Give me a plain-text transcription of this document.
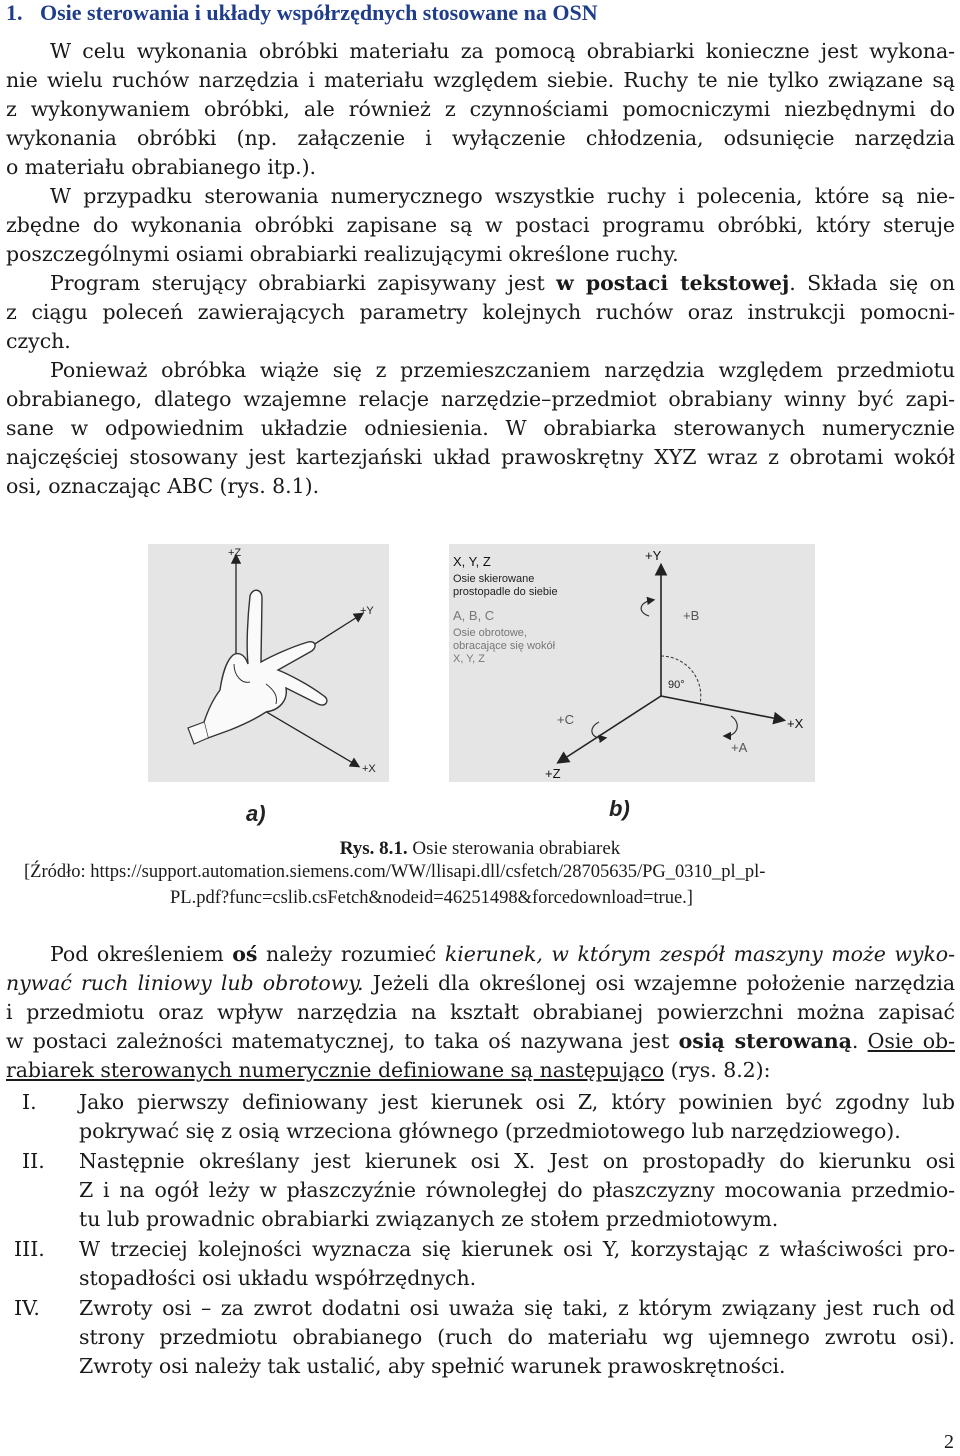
1. Osie sterowania i układy współrzędnych stosowane na OSN
W celu wykonania obróbki materiału za pomocą obrabiarki konieczne jest wykona-
nie wielu ruchów narzędzia i materiału względem siebie. Ruchy te nie tylko związane są
z wykonywaniem obróbki, ale również z czynnościami pomocniczymi niezbędnymi do
wykonania obróbki (np. załączenie i wyłączenie chłodzenia, odsunięcie narzędzia
o materiału obrabianego itp.).
W przypadku sterowania numerycznego wszystkie ruchy i polecenia, które są nie-
zbędne do wykonania obróbki zapisane są w postaci programu obróbki, który steruje
poszczególnymi osiami obrabiarki realizującymi określone ruchy.
Program sterujący obrabiarki zapisywany jest w postaci tekstowej. Składa się on
z ciągu poleceń zawierających parametry kolejnych ruchów oraz instrukcji pomocni-
czych.
Ponieważ obróbka wiąże się z przemieszczaniem narzędzia względem przedmiotu
obrabianego, dlatego wzajemne relacje narzędzie–przedmiot obrabiany winny być zapi-
sane w odpowiednim układzie odniesienia. W obrabiarka sterowanych numerycznie
najczęściej stosowany jest kartezjański układ prawoskrętny XYZ wraz z obrotami wokół
osi, oznaczając ABC (rys. 8.1).
+Z
+Y
+X
a)
X, Y, Z
Osie skierowane
prostopadle do siebie
A, B, C
Osie obrotowe,
obracające się wokół
X, Y, Z
90°
+Y
+X
+Z
+B
+A
+C
b)
Rys. 8.1. Osie sterowania obrabiarek
[Źródło: https://support.automation.siemens.com/WW/llisapi.dll/csfetch/28705635/PG_0310_pl_pl-
PL.pdf?func=cslib.csFetch&nodeid=46251498&forcedownload=true.]
Pod określeniem oś należy rozumieć kierunek, w którym zespół maszyny może wyko-
nywać ruch liniowy lub obrotowy. Jeżeli dla określonej osi wzajemne położenie narzędzia
i przedmiotu oraz wpływ narzędzia na kształt obrabianej powierzchni można zapisać
w postaci zależności matematycznej, to taka oś nazywana jest osią sterowaną. Osie ob-
rabiarek sterowanych numerycznie definiowane są następująco (rys. 8.2):
I. Jako pierwszy definiowany jest kierunek osi Z, który powinien być zgodny lub
pokrywać się z osią wrzeciona głównego (przedmiotowego lub narzędziowego).
II. Następnie określany jest kierunek osi X. Jest on prostopadły do kierunku osi
Z i na ogół leży w płaszczyźnie równoległej do płaszczyzny mocowania przedmio-
tu lub prowadnic obrabiarki związanych ze stołem przedmiotowym.
III. W trzeciej kolejności wyznacza się kierunek osi Y, korzystając z właściwości pro-
stopadłości osi układu współrzędnych.
IV. Zwroty osi – za zwrot dodatni osi uważa się taki, z którym związany jest ruch od
strony przedmiotu obrabianego (ruch do materiału wg ujemnego zwrotu osi).
Zwroty osi należy tak ustalić, aby spełnić warunek prawoskrętności.
2
